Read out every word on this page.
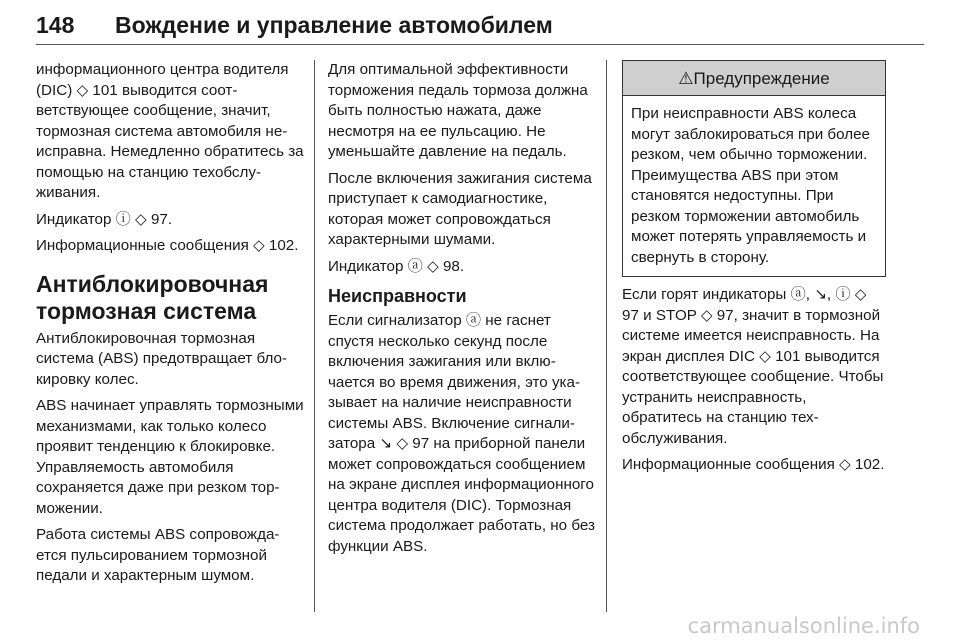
148 Вождение и управление автомобилем

информационного центра водителя (DIC) ◇ 101 выводится соответствующее сообщение, значит, тормозная система автомобиля неисправна. Немедленно обратитесь за помощью на станцию техобслуживания.

Индикатор ⓘ ◇ 97.

Информационные сообщения ◇ 102.

Антиблокировочная тормозная система

Антиблокировочная тормозная система (ABS) предотвращает блокировку колес.

ABS начинает управлять тормозными механизмами, как только колесо проявит тенденцию к блокировке. Управляемость автомобиля сохраняется даже при резком торможении.

Работа системы ABS сопровождается пульсированием тормозной педали и характерным шумом.

Для оптимальной эффективности торможения педаль тормоза должна быть полностью нажата, даже несмотря на ее пульсацию. Не уменьшайте давление на педаль.

После включения зажигания система приступает к самодиагностике, которая может сопровождаться характерными шумами.

Индикатор ⓐ ◇ 98.

Неисправности

Если сигнализатор ⓐ не гаснет спустя несколько секунд после включения зажигания или включается во время движения, это указывает на наличие неисправности системы ABS. Включение сигнализатора ↘ ◇ 97 на приборной панели может сопровождаться сообщением на экране дисплея информационного центра водителя (DIC). Тормозная система продолжает работать, но без функции ABS.

⚠Предупреждение
При неисправности ABS колеса могут заблокироваться при более резком, чем обычно торможении. Преимущества ABS при этом становятся недоступны. При резком торможении автомобиль может потерять управляемость и свернуть в сторону.

Если горят индикаторы ⓐ, ↘, ⓘ ◇ 97 и STOP ◇ 97, значит в тормозной системе имеется неисправность. На экран дисплея DIC ◇ 101 выводится соответствующее сообщение. Чтобы устранить неисправность, обратитесь на станцию техобслуживания.

Информационные сообщения ◇ 102.

carmanualsonline.info
